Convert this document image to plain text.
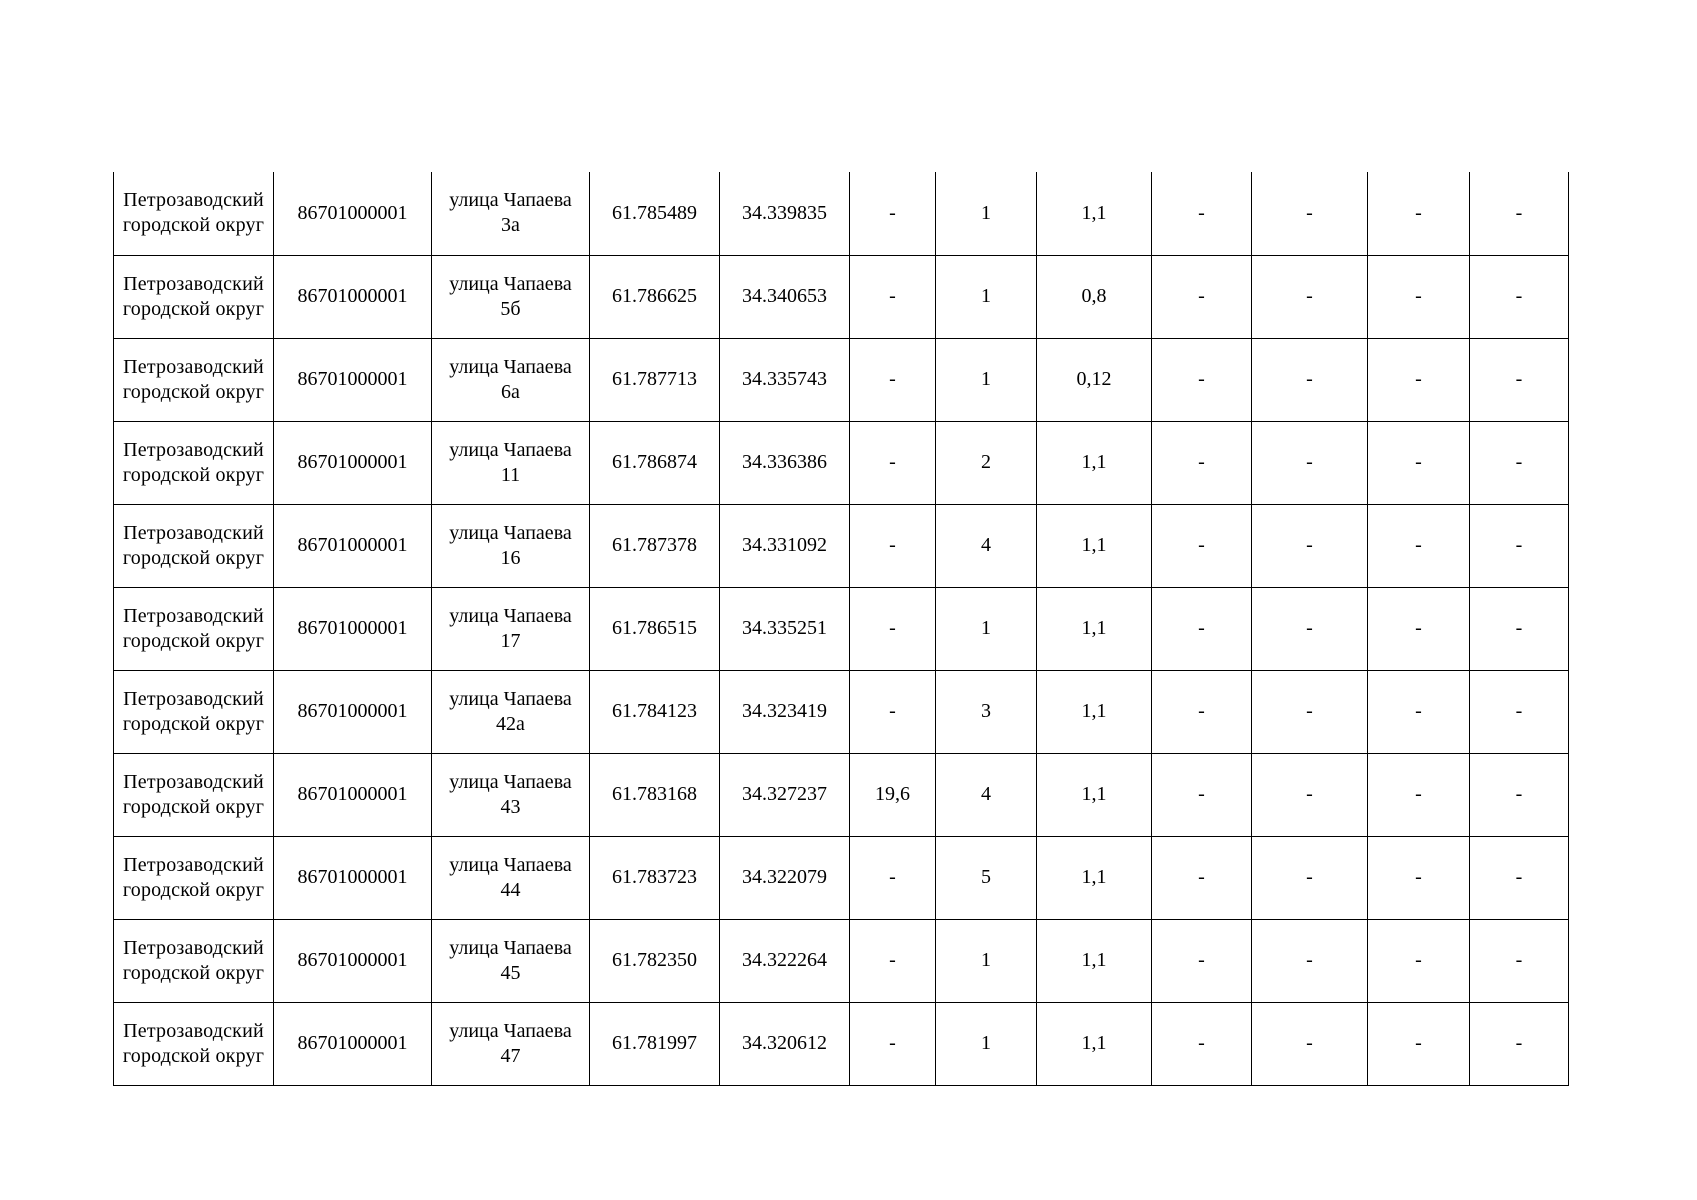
Петрозаводский городской округ	86701000001	улица Чапаева 3а	61.785489	34.339835	-	1	1,1	-	-	-	-
Петрозаводский городской округ	86701000001	улица Чапаева 5б	61.786625	34.340653	-	1	0,8	-	-	-	-
Петрозаводский городской округ	86701000001	улица Чапаева 6а	61.787713	34.335743	-	1	0,12	-	-	-	-
Петрозаводский городской округ	86701000001	улица Чапаева 11	61.786874	34.336386	-	2	1,1	-	-	-	-
Петрозаводский городской округ	86701000001	улица Чапаева 16	61.787378	34.331092	-	4	1,1	-	-	-	-
Петрозаводский городской округ	86701000001	улица Чапаева 17	61.786515	34.335251	-	1	1,1	-	-	-	-
Петрозаводский городской округ	86701000001	улица Чапаева 42а	61.784123	34.323419	-	3	1,1	-	-	-	-
Петрозаводский городской округ	86701000001	улица Чапаева 43	61.783168	34.327237	19,6	4	1,1	-	-	-	-
Петрозаводский городской округ	86701000001	улица Чапаева 44	61.783723	34.322079	-	5	1,1	-	-	-	-
Петрозаводский городской округ	86701000001	улица Чапаева 45	61.782350	34.322264	-	1	1,1	-	-	-	-
Петрозаводский городской округ	86701000001	улица Чапаева 47	61.781997	34.320612	-	1	1,1	-	-	-	-
